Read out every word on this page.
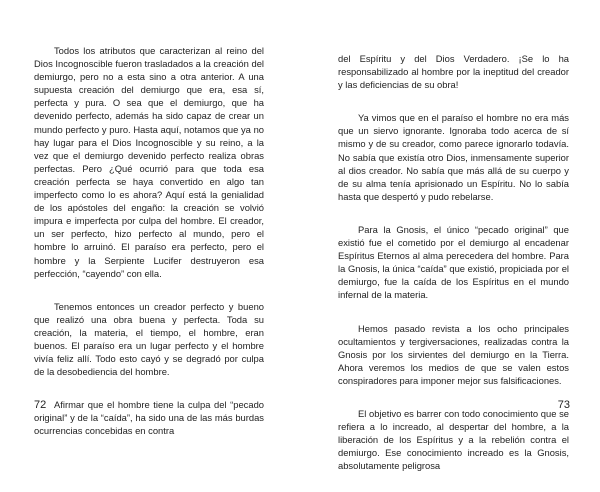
Todos los atributos que caracterizan al reino del Dios Incognoscible fueron trasladados a la creación del demiurgo, pero no a esta sino a otra anterior. A una supuesta creación del demiurgo que era, esa sí, perfecta y pura. O sea que el demiurgo, que ha devenido perfecto, además ha sido capaz de crear un mundo perfecto y puro. Hasta aquí, notamos que ya no hay lugar para el Dios Incognoscible y su reino, a la vez que el demiurgo devenido perfecto realiza obras perfectas. Pero ¿Qué ocurrió para que toda esa creación perfecta se haya convertido en algo tan imperfecto como lo es ahora? Aquí está la genialidad de los apóstoles del engaño: la creación se volvió impura e imperfecta por culpa del hombre. El creador, un ser perfecto, hizo perfecto al mundo, pero el hombre lo arruinó. El paraíso era perfecto, pero el hombre y la Serpiente Lucifer destruyeron esa perfección, “cayendo” con ella.

Tenemos entonces un creador perfecto y bueno que realizó una obra buena y perfecta. Toda su creación, la materia, el tiempo, el hombre, eran buenos. El paraíso era un lugar perfecto y el hombre vivía feliz allí. Todo esto cayó y se degradó por culpa de la desobediencia del hombre.

Afirmar que el hombre tiene la culpa del “pecado original” y de la “caída”, ha sido una de las más burdas ocurrencias concebidas en contra

72

del Espíritu y del Dios Verdadero. ¡Se lo ha responsabilizado al hombre por la ineptitud del creador y las deficiencias de su obra!

Ya vimos que en el paraíso el hombre no era más que un siervo ignorante. Ignoraba todo acerca de sí mismo y de su creador, como parece ignorarlo todavía. No sabía que existía otro Dios, inmensamente superior al dios creador. No sabía que más allá de su cuerpo y de su alma tenía aprisionado un Espíritu. No lo sabía hasta que despertó y pudo rebelarse.

Para la Gnosis, el único “pecado original” que existió fue el cometido por el demiurgo al encadenar Espíritus Eternos al alma perecedera del hombre. Para la Gnosis, la única “caída” que existió, propiciada por el demiurgo, fue la caída de los Espíritus en el mundo infernal de la materia.

Hemos pasado revista a los ocho principales ocultamientos y tergiversaciones, realizadas contra la Gnosis por los sirvientes del demiurgo en la Tierra. Ahora veremos los medios de que se valen estos conspiradores para imponer mejor sus falsificaciones.

El objetivo es barrer con todo conocimiento que se refiera a lo increado, al despertar del hombre, a la liberación de los Espíritus y a la rebelión contra el demiurgo. Ese conocimiento increado es la Gnosis, absolutamente peligrosa

73
